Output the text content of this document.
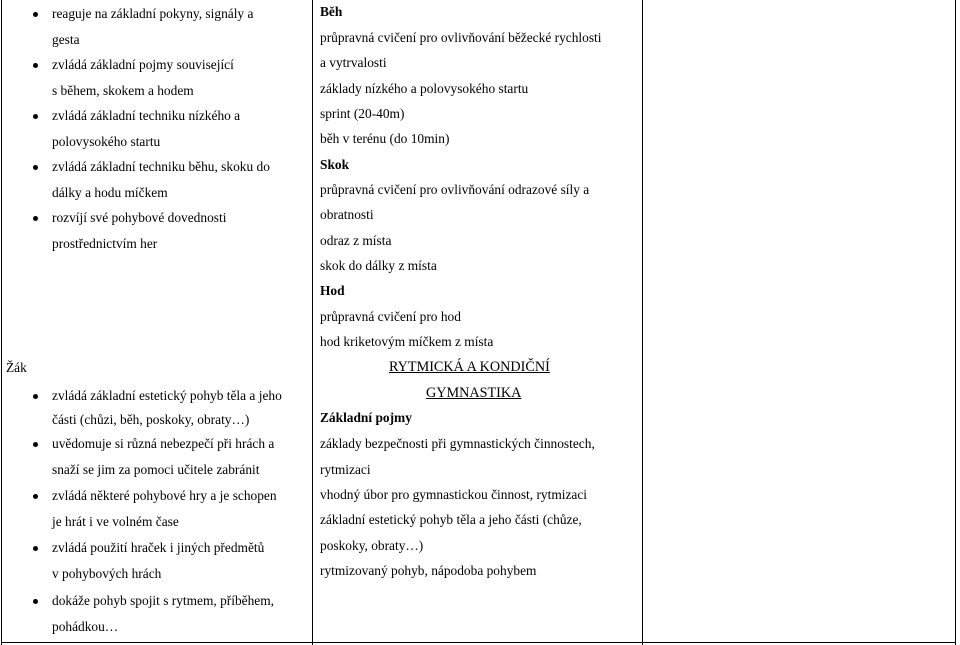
reaguje na základní pokyny, signály a
gesta
zvládá základní pojmy související
s během, skokem a hodem
zvládá základní techniku nízkého a
polovysokého startu
zvládá základní techniku běhu, skoku do
dálky a hodu míčkem
rozvíjí své pohybové dovednosti
prostřednictvím her
Žák
zvládá základní estetický pohyb těla a jeho
části (chůzi, běh, poskoky, obraty…)
uvědomuje si různá nebezpečí při hrách a
snaží se jim za pomoci učitele zabránit
zvládá některé pohybové hry a je schopen
je hrát i ve volném čase
zvládá použití hraček i jiných předmětů
v pohybových hrách
dokáže pohyb spojit s rytmem, příběhem,
pohádkou…
Běh
průpravná cvičení pro ovlivňování běžecké rychlosti
a vytrvalosti
základy nízkého a polovysokého startu
sprint (20-40m)
běh v terénu (do 10min)
Skok
průpravná cvičení pro ovlivňování odrazové síly a
obratnosti
odraz z místa
skok do dálky z místa
Hod
průpravná cvičení pro hod
hod kriketovým míčkem z místa
RYTMICKÁ A KONDIČNÍ
GYMNASTIKA
Základní pojmy
základy bezpečnosti při gymnastických činnostech,
rytmizaci
vhodný úbor pro gymnastickou činnost, rytmizaci
základní estetický pohyb těla a jeho části (chůze,
poskoky, obraty…)
rytmizovaný pohyb, nápodoba pohybem
